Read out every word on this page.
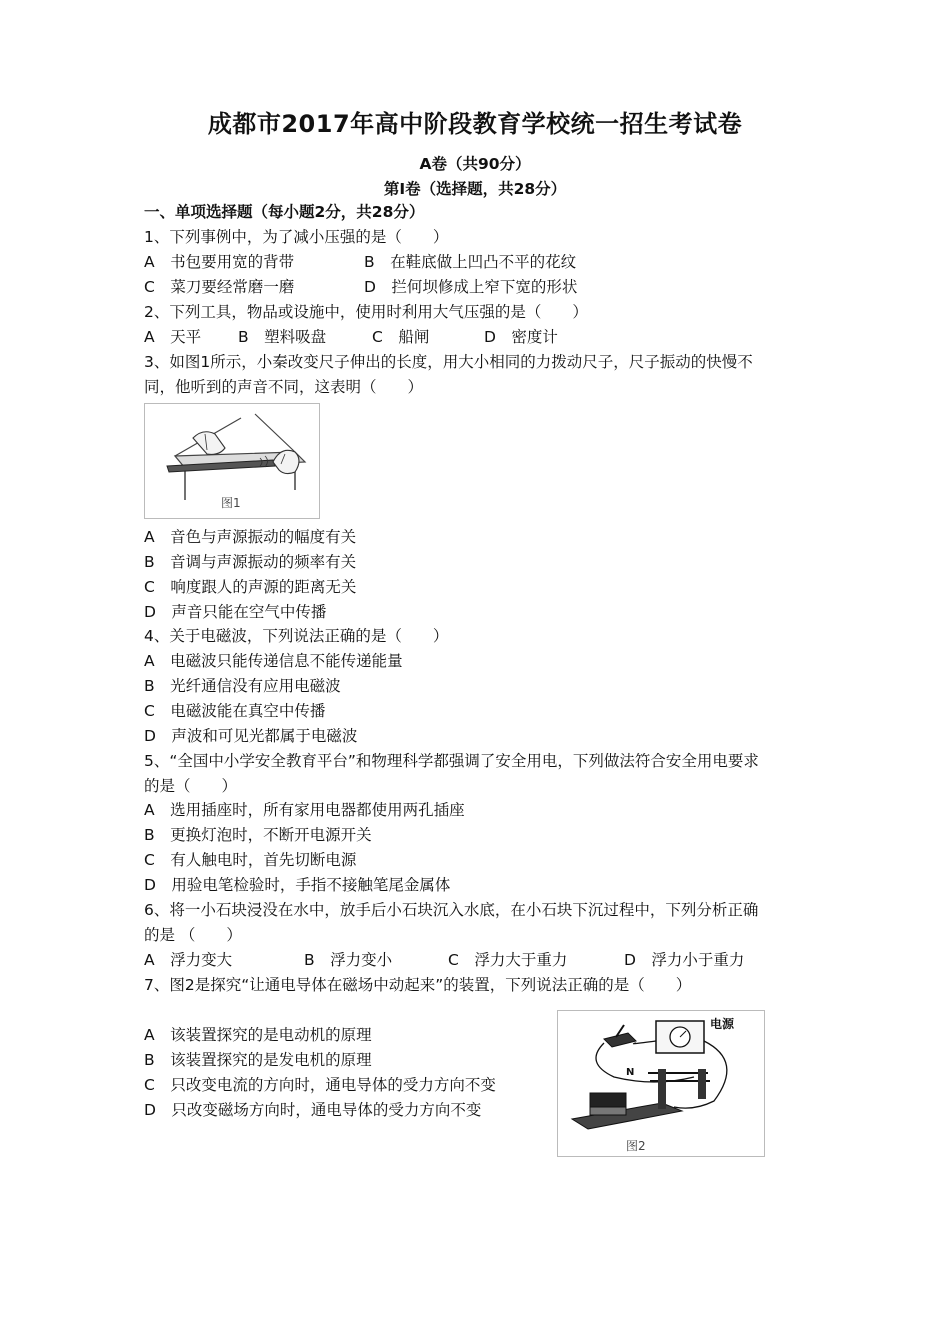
成都市2017年高中阶段教育学校统一招生考试卷
A卷（共90分）
第Ⅰ卷（选择题，共28分）
一、单项选择题（每小题2分，共28分）
1、下列事例中，为了减小压强的是（　　）
A　书包要用宽的背带	B　在鞋底做上凹凸不平的花纹
C　菜刀要经常磨一磨	D　拦何坝修成上窄下宽的形状
2、下列工具，物品或设施中，使用时利用大气压强的是（　　）
A　天平 B　塑料吸盘	C　船闸	D　密度计
3、如图1所示，小秦改变尺子伸出的长度，用大小相同的力拨动尺子，尺子振动的快慢不
同，他听到的声音不同，这表明（　　）
图1
A　音色与声源振动的幅度有关
B　音调与声源振动的频率有关
C　响度跟人的声源的距离无关
D　声音只能在空气中传播
4、关于电磁波，下列说法正确的是（　　）
A　电磁波只能传递信息不能传递能量
B　光纤通信没有应用电磁波
C　电磁波能在真空中传播
D　声波和可见光都属于电磁波
5、“全国中小学安全教育平台”和物理科学都强调了安全用电，下列做法符合安全用电要求
的是（　　）
A　选用插座时，所有家用电器都使用两孔插座
B　更换灯泡时，不断开电源开关
C　有人触电时，首先切断电源
D　用验电笔检验时，手指不接触笔尾金属体
6、将一小石块浸没在水中，放手后小石块沉入水底，在小石块下沉过程中，下列分析正确
的是 （　　）
A　浮力变大	B　浮力变小	C　浮力大于重力	D　浮力小于重力
7、图2是探究“让通电导体在磁场中动起来”的装置，下列说法正确的是（　　）
A　该装置探究的是电动机的原理
B　该装置探究的是发电机的原理
C　只改变电流的方向时，通电导体的受力方向不变
D　只改变磁场方向时，通电导体的受力方向不变
电源
N
图2
